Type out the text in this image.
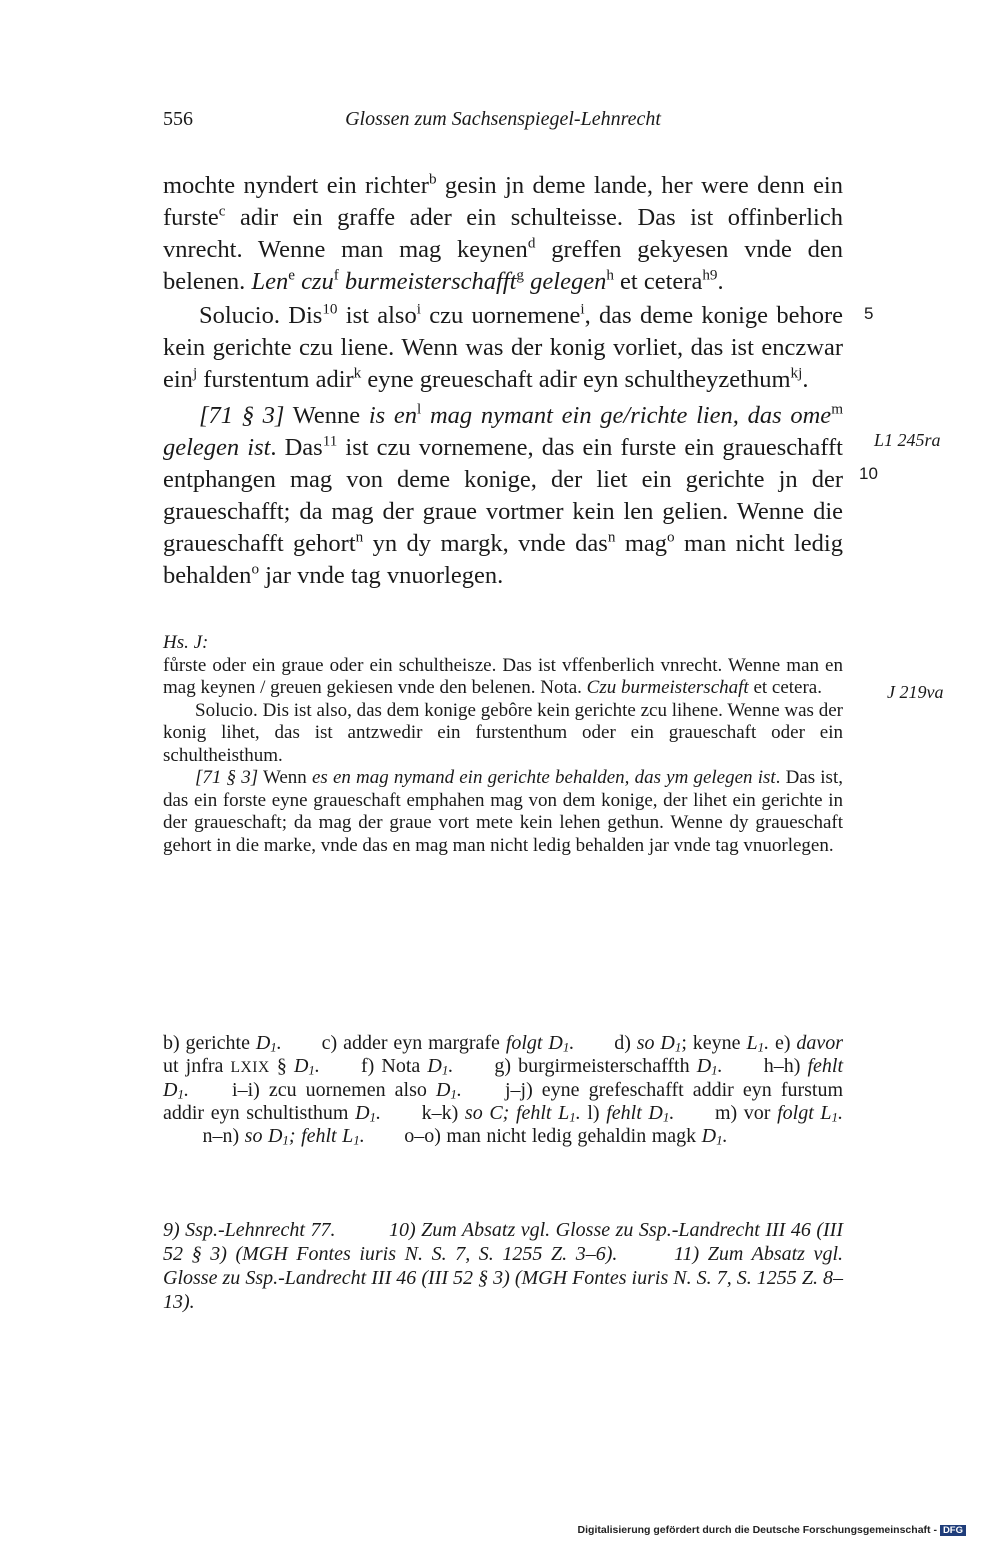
556	Glossen zum Sachsenspiegel-Lehnrecht

mochte nyndert ein richter$^b$ gesin jn deme lande, her were denn ein furste$^c$ adir ein graffe ader ein schulteisse. Das ist offinberlich vnrecht. Wenne man mag keynen$^d$ greffen gekyesen vnde den belenen. Len$^e$ czu$^f$ burmeisterschafft$^g$ gelegen$^h$ et cetera$^{h9}$.

Solucio. Dis$^{10}$ ist also$^i$ czu uornemene$^i$, das deme konige behore kein gerichte czu liene. Wenn was der konig vorliet, das ist enczwar ein$^j$ furstentum adir$^k$ eyne greueschaft adir eyn schultheyzethum$^{kj}$.

[71 § 3] Wenne is $en^l$ mag nymant ein ge/richte lien, das ome$^m$ gelegen ist. Das$^{11}$ ist czu vornemene, das ein furste ein graueschafft entphangen mag von deme konige, der liet ein gerichte jn der graueschafft; da mag der graue vortmer kein len gelien. Wenne die graueschafft gehort$^n$ yn dy margk, vnde das$^n$ mag$^o$ man nicht ledig behalden$^o$ jar vnde tag vnuorlegen.

5
10
L1 245ra
J 219va

Hs. J:

fůrste oder ein graue oder ein schultheisze. Das ist vffenberlich vnrecht. Wenne man en mag keynen / greuen gekiesen vnde den belenen. Nota. Czu burmeisterschaft et cetera.

Solucio. Dis ist also, das dem konige gebôre kein gerichte zcu lihene. Wenne was der konig lihet, das ist antzwedir ein furstenthum oder ein graueschaft oder ein schultheisthum.

[71 § 3] Wenn es en mag nymand ein gerichte behalden, das ym gelegen ist. Das ist, das ein forste eyne graueschaft emphahen mag von dem konige, der lihet ein gerichte in der graueschaft; da mag der graue vort mete kein lehen gethun. Wenne dy graueschaft gehort in die marke, vnde das en mag man nicht ledig behalden jar vnde tag vnuorlegen.

b) gerichte $D_1$. c) adder eyn margrafe folgt $D_1$. d) so $D_1$; keyne $L_1$. e) davor ut jnfra LXIX § $D_1$. f) Nota $D_1$. g) burgirmeisterschaffth $D_1$. h–h) fehlt $D_1$. i–i) zcu uornemen also $D_1$. j–j) eyne grefeschafft addir eyn furstum addir eyn schultisthum $D_1$. k–k) so C; fehlt $L_1$. l) fehlt $D_1$. m) vor folgt $L_1$. n–n) so $D_1$; fehlt $L_1$. o–o) man nicht ledig gehaldin magk $D_1$.

9) Ssp.-Lehnrecht 77.	10) Zum Absatz vgl. Glosse zu Ssp.-Landrecht III 46 (III 52 § 3) (MGH Fontes iuris N. S. 7, S. 1255 Z. 3–6).	11) Zum Absatz vgl. Glosse zu Ssp.-Landrecht III 46 (III 52 § 3) (MGH Fontes iuris N. S. 7, S. 1255 Z. 8–13).

Digitalisierung gefördert durch die Deutsche Forschungsgemeinschaft - DFG
